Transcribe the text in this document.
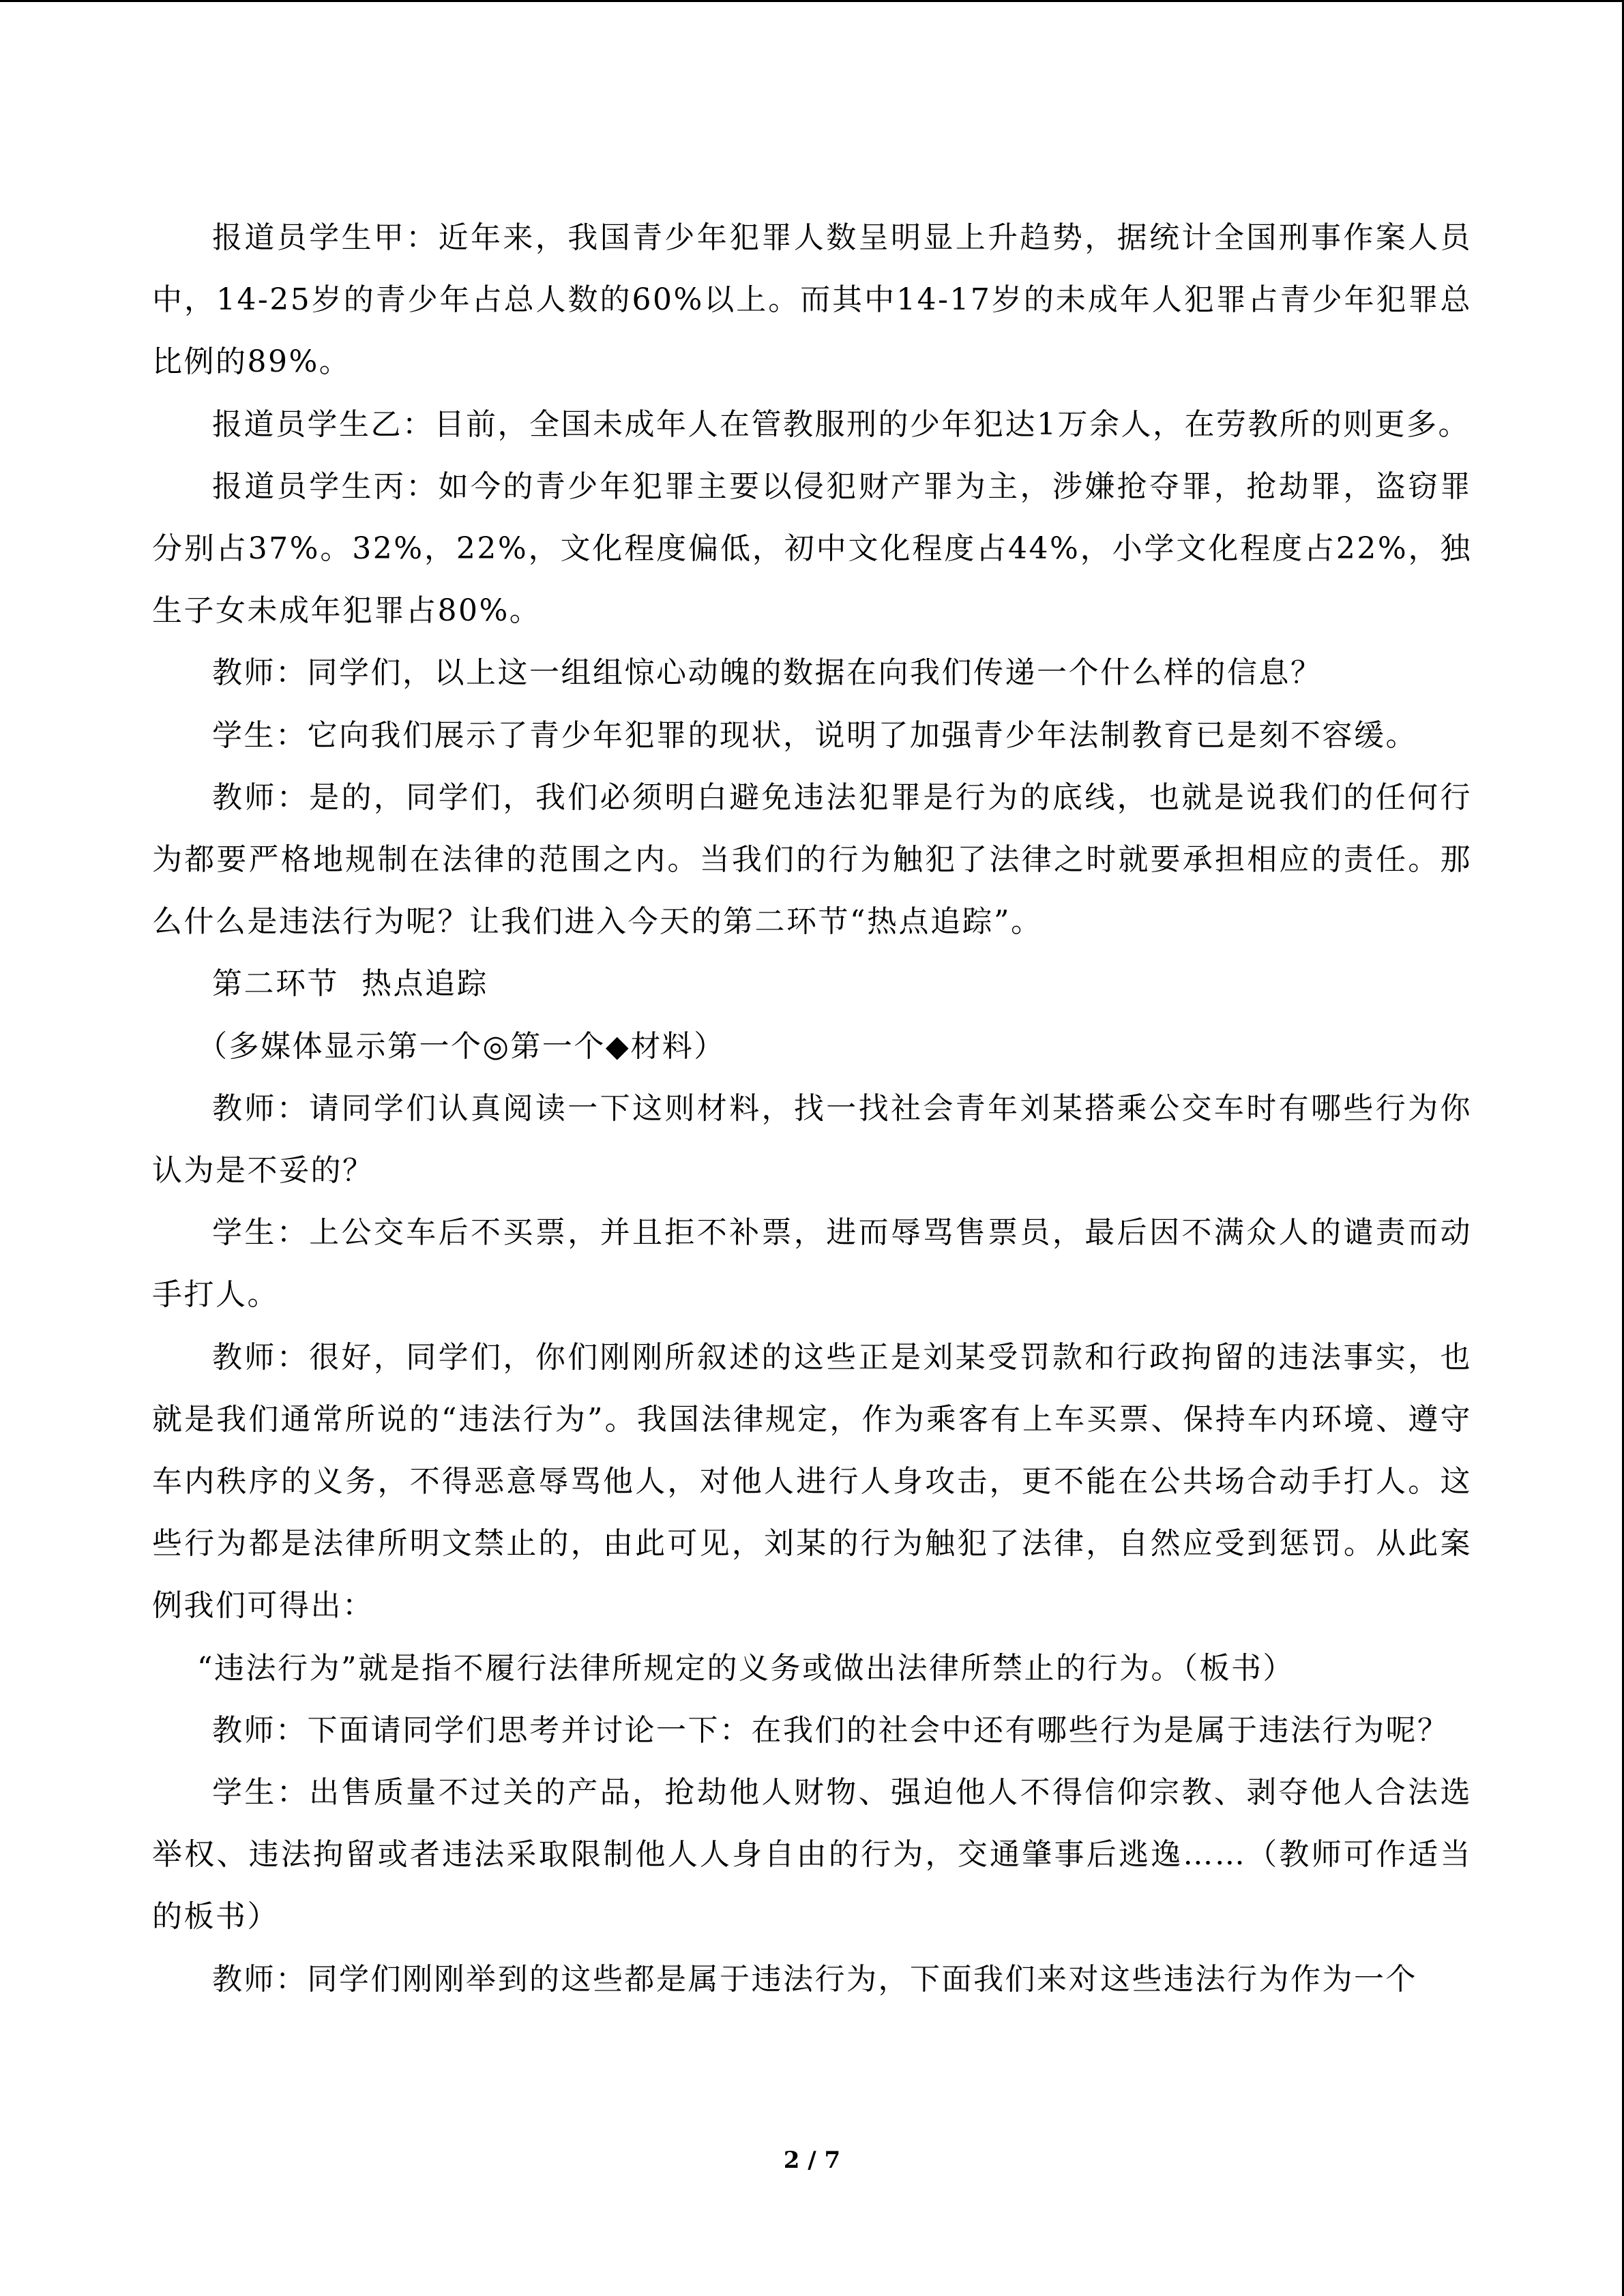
报道员学生甲：近年来，我国青少年犯罪人数呈明显上升趋势，据统计全国刑事作案人员中，14-25岁的青少年占总人数的60%以上。而其中14-17岁的未成年人犯罪占青少年犯罪总比例的89%。

报道员学生乙：目前，全国未成年人在管教服刑的少年犯达1万余人，在劳教所的则更多。

报道员学生丙：如今的青少年犯罪主要以侵犯财产罪为主，涉嫌抢夺罪，抢劫罪，盗窃罪分别占37%。32%，22%，文化程度偏低，初中文化程度占44%，小学文化程度占22%，独生子女未成年犯罪占80%。

教师：同学们，以上这一组组惊心动魄的数据在向我们传递一个什么样的信息？

学生：它向我们展示了青少年犯罪的现状，说明了加强青少年法制教育已是刻不容缓。

教师：是的，同学们，我们必须明白避免违法犯罪是行为的底线，也就是说我们的任何行为都要严格地规制在法律的范围之内。当我们的行为触犯了法律之时就要承担相应的责任。那么什么是违法行为呢？让我们进入今天的第二环节“热点追踪”。

第二环节  热点追踪

（多媒体显示第一个◎第一个◆材料）

教师：请同学们认真阅读一下这则材料，找一找社会青年刘某搭乘公交车时有哪些行为你认为是不妥的？

学生：上公交车后不买票，并且拒不补票，进而辱骂售票员，最后因不满众人的谴责而动手打人。

教师：很好，同学们，你们刚刚所叙述的这些正是刘某受罚款和行政拘留的违法事实，也就是我们通常所说的“违法行为”。我国法律规定，作为乘客有上车买票、保持车内环境、遵守车内秩序的义务，不得恶意辱骂他人，对他人进行人身攻击，更不能在公共场合动手打人。这些行为都是法律所明文禁止的，由此可见，刘某的行为触犯了法律，自然应受到惩罚。从此案例我们可得出：

“违法行为”就是指不履行法律所规定的义务或做出法律所禁止的行为。（板书）

教师：下面请同学们思考并讨论一下：在我们的社会中还有哪些行为是属于违法行为呢？

学生：出售质量不过关的产品，抢劫他人财物、强迫他人不得信仰宗教、剥夺他人合法选举权、违法拘留或者违法采取限制他人人身自由的行为，交通肇事后逃逸……（教师可作适当的板书）

教师：同学们刚刚举到的这些都是属于违法行为，下面我们来对这些违法行为作为一个

2 / 7
